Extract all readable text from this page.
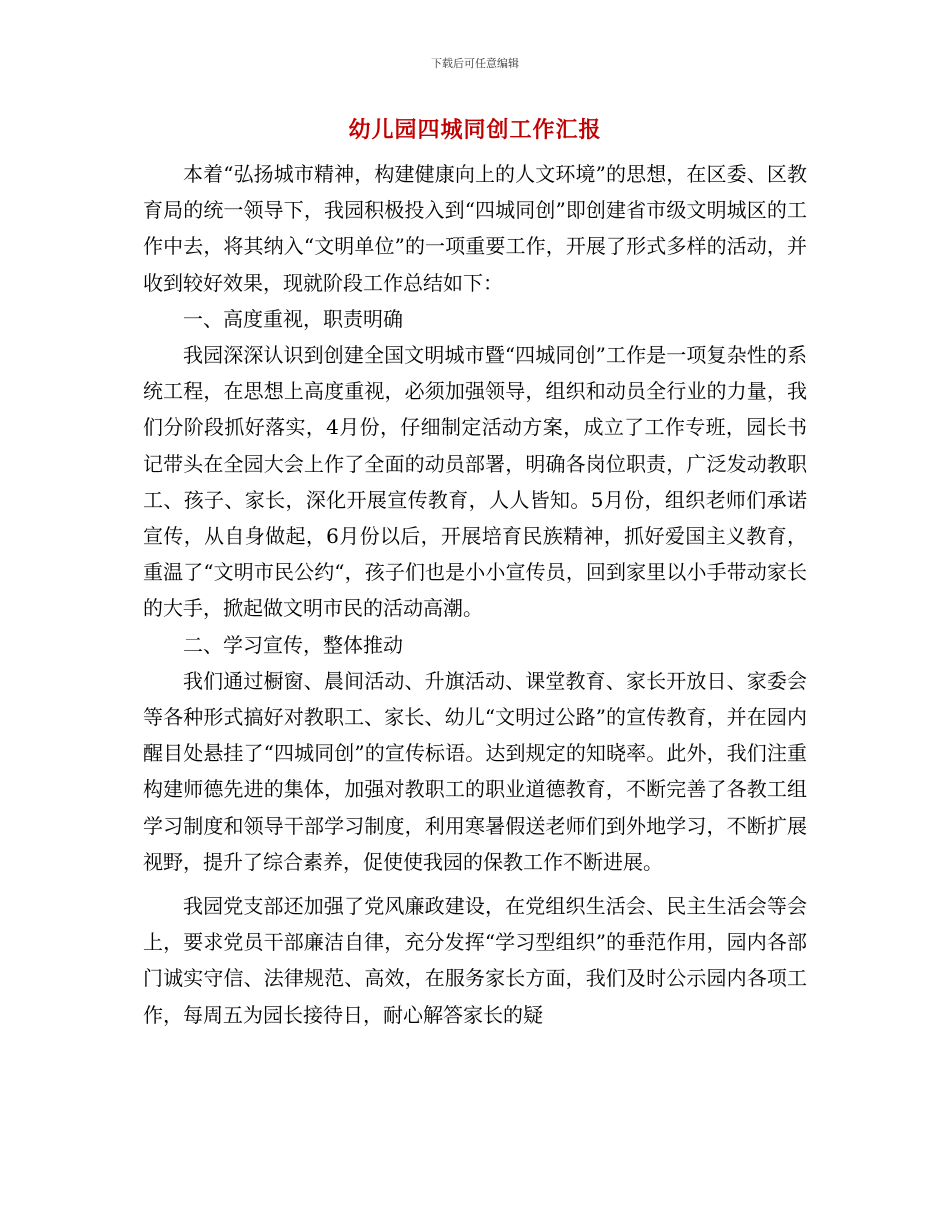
下载后可任意编辑
幼儿园四城同创工作汇报

本着“弘扬城市精神，构建健康向上的人文环境”的思想，在区委、区教育局的统一领导下，我园积极投入到“四城同创”即创建省市级文明城区的工作中去，将其纳入“文明单位”的一项重要工作，开展了形式多样的活动，并收到较好效果，现就阶段工作总结如下：

一、高度重视，职责明确

我园深深认识到创建全国文明城市暨“四城同创”工作是一项复杂性的系统工程，在思想上高度重视，必须加强领导，组织和动员全行业的力量，我们分阶段抓好落实，4月份，仔细制定活动方案，成立了工作专班，园长书记带头在全园大会上作了全面的动员部署，明确各岗位职责，广泛发动教职工、孩子、家长，深化开展宣传教育，人人皆知。5月份，组织老师们承诺宣传，从自身做起，6月份以后，开展培育民族精神，抓好爱国主义教育，重温了“文明市民公约“，孩子们也是小小宣传员，回到家里以小手带动家长的大手，掀起做文明市民的活动高潮。

二、学习宣传，整体推动

我们通过橱窗、晨间活动、升旗活动、课堂教育、家长开放日、家委会等各种形式搞好对教职工、家长、幼儿“文明过公路”的宣传教育，并在园内醒目处悬挂了“四城同创”的宣传标语。达到规定的知晓率。此外，我们注重构建师德先进的集体，加强对教职工的职业道德教育，不断完善了各教工组学习制度和领导干部学习制度，利用寒暑假送老师们到外地学习，不断扩展视野，提升了综合素养，促使使我园的保教工作不断进展。

我园党支部还加强了党风廉政建设，在党组织生活会、民主生活会等会上，要求党员干部廉洁自律，充分发挥“学习型组织”的垂范作用，园内各部门诚实守信、法律规范、高效，在服务家长方面，我们及时公示园内各项工作，每周五为园长接待日，耐心解答家长的疑
